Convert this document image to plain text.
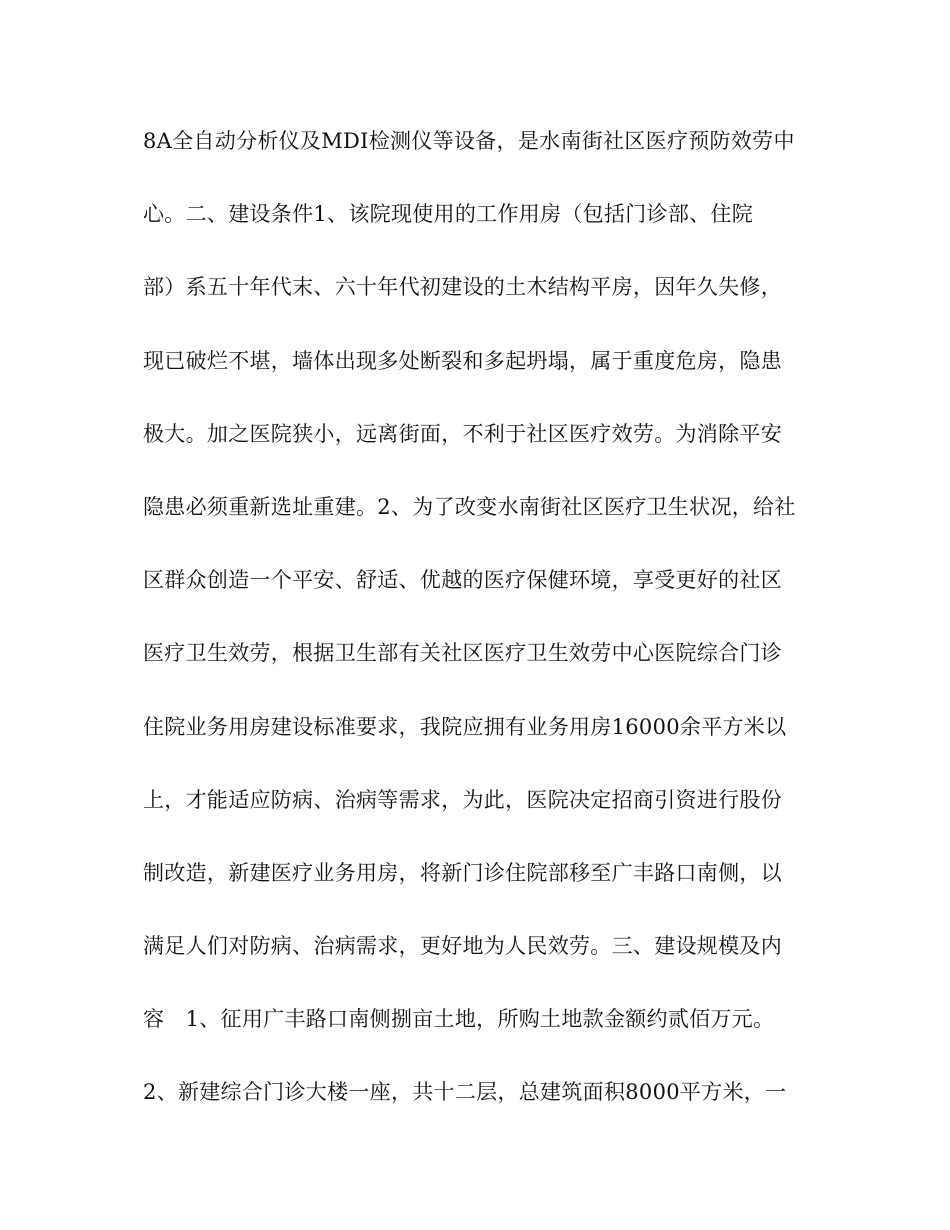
8A全自动分析仪及MDI检测仪等设备，是水南街社区医疗预防效劳中
心。二、建设条件1、该院现使用的工作用房（包括门诊部、住院
部）系五十年代末、六十年代初建设的土木结构平房，因年久失修，
现已破烂不堪，墙体出现多处断裂和多起坍塌，属于重度危房，隐患
极大。加之医院狭小，远离街面，不利于社区医疗效劳。为消除平安
隐患必须重新选址重建。2、为了改变水南街社区医疗卫生状况，给社
区群众创造一个平安、舒适、优越的医疗保健环境，享受更好的社区
医疗卫生效劳，根据卫生部有关社区医疗卫生效劳中心医院综合门诊
住院业务用房建设标准要求，我院应拥有业务用房16000余平方米以
上，才能适应防病、治病等需求，为此，医院决定招商引资进行股份
制改造，新建医疗业务用房，将新门诊住院部移至广丰路口南侧，以
满足人们对防病、治病需求，更好地为人民效劳。三、建设规模及内
容　1、征用广丰路口南侧捌亩土地，所购土地款金额约贰佰万元。
2、新建综合门诊大楼一座，共十二层，总建筑面积8000平方米，一
